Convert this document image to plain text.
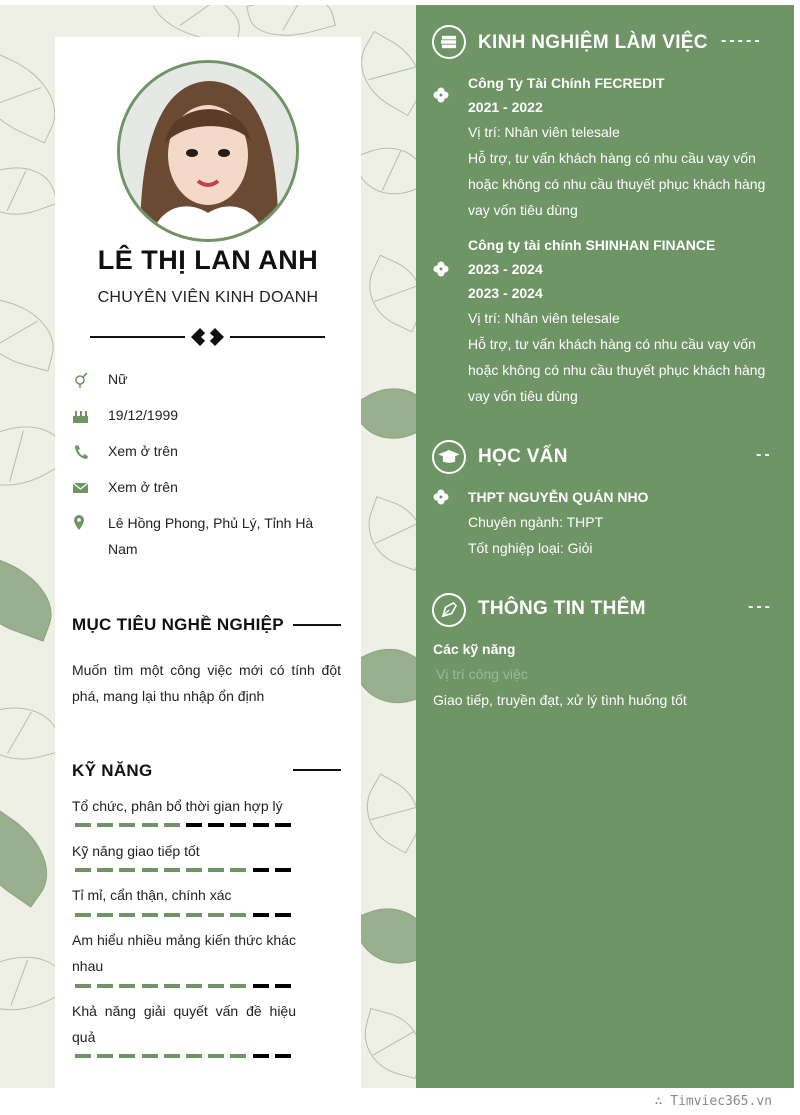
LÊ THỊ LAN ANH
CHUYÊN VIÊN KINH DOANH
Nữ
19/12/1999
Xem ở trên
Xem ở trên
Lê Hồng Phong, Phủ Lý, Tỉnh Hà Nam
MỤC TIÊU NGHỀ NGHIỆP
Muốn tìm một công việc mới có tính đột phá, mang lại thu nhập ổn định
KỸ NĂNG
Tổ chức, phân bổ thời gian hợp lý
Kỹ năng giao tiếp tốt
Tỉ mỉ, cẩn thận, chính xác
Am hiểu nhiều mảng kiến thức khác nhau
Khả năng giải quyết vấn đề hiệu quả
KINH NGHIỆM LÀM VIỆC -----
Công Ty Tài Chính FECREDIT
2021 - 2022
Vị trí: Nhân viên telesale
Hỗ trợ, tư vấn khách hàng có nhu cầu vay vốn
hoặc không có nhu cầu thuyết phục khách hàng
vay vốn tiêu dùng
Công ty tài chính SHINHAN FINANCE
2023 - 2024
2023 - 2024
Vị trí: Nhân viên telesale
Hỗ trợ, tư vấn khách hàng có nhu cầu vay vốn
hoặc không có nhu cầu thuyết phục khách hàng
vay vốn tiêu dùng
HỌC VẤN	--
THPT NGUYỄN QUÁN NHO
Chuyên ngành: THPT
Tốt nghiệp loại: Giỏi
THÔNG TIN THÊM	---
Các kỹ năng
Vị trí công việc
Giao tiếp, truyền đạt, xử lý tình huống tốt
∴ Timviec365.vn
